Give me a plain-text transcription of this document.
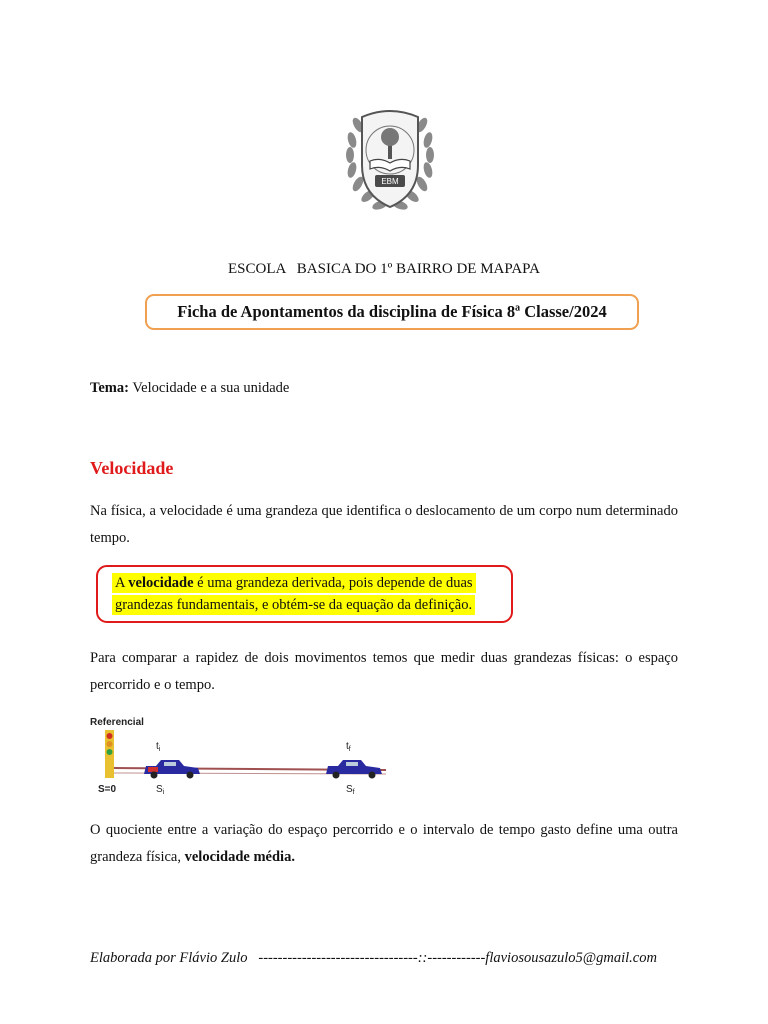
EBM
ESCOLA   BASICA DO 1º BAIRRO DE MAPAPA
Ficha de Apontamentos da disciplina de Física 8ª Classe/2024
Tema: Velocidade e a sua unidade
Velocidade
Na física, a velocidade é uma grandeza que identifica o deslocamento de um corpo num determinado tempo.
A velocidade é uma grandeza derivada, pois depende de duas
grandezas fundamentais, e obtém-se da equação da definição.
Para comparar a rapidez de dois movimentos temos que medir duas grandezas físicas: o espaço percorrido e o tempo.
Referencial
$t_i$	$t_f$
$S_i$	$S_f$
S=0
O quociente entre a variação do espaço percorrido e o intervalo de tempo gasto define uma outra grandeza física, velocidade média.
Elaborada por Flávio Zulo   ---------------------------------::------------flaviosousazulo5@gmail.com
